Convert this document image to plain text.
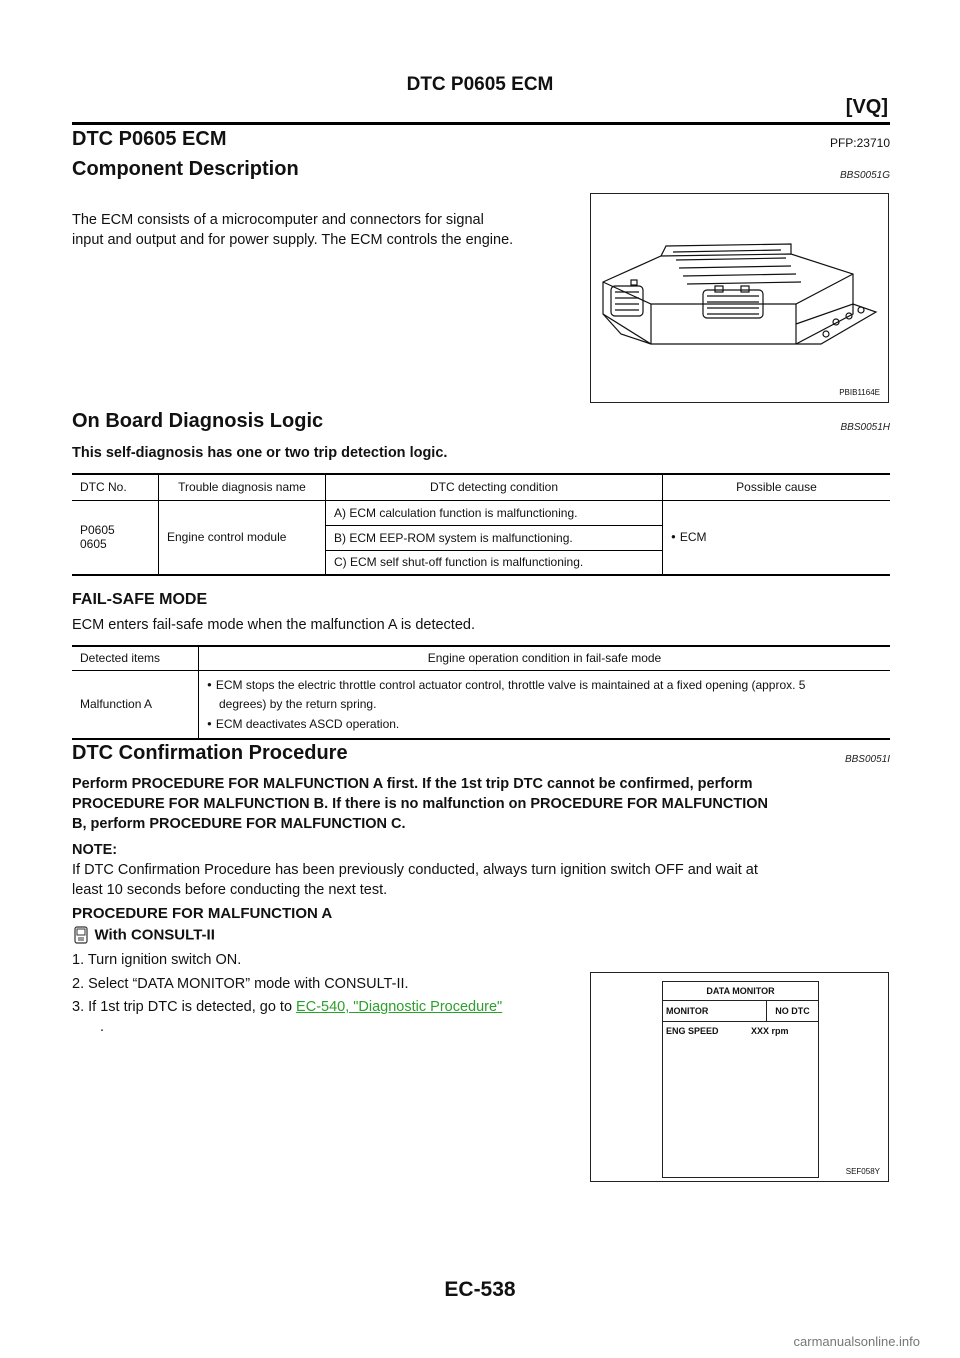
DTC P0605 ECM
[VQ]
DTC P0605 ECM	PFP:23710
Component Description	BBS0051G
The ECM consists of a microcomputer and connectors for signal
input and output and for power supply. The ECM controls the engine.
PBIB1164E
On Board Diagnosis Logic	BBS0051H
This self-diagnosis has one or two trip detection logic.
DTC No.	Trouble diagnosis name	DTC detecting condition	Possible cause

P0605
0605	Engine control module	A) ECM calculation function is malfunctioning.	● ECM
		B) ECM EEP-ROM system is malfunctioning.	
		C) ECM self shut-off function is malfunctioning.	
FAIL-SAFE MODE
ECM enters fail-safe mode when the malfunction A is detected.
Detected items	Engine operation condition in fail-safe mode
Malfunction A	● ECM stops the electric throttle control actuator control, throttle valve is maintained at a fixed opening (approx. 5
degrees) by the return spring.
● ECM deactivates ASCD operation.
DTC Confirmation Procedure	BBS0051I
Perform PROCEDURE FOR MALFUNCTION A first. If the 1st trip DTC cannot be confirmed, perform
PROCEDURE FOR MALFUNCTION B. If there is no malfunction on PROCEDURE FOR MALFUNCTION
B, perform PROCEDURE FOR MALFUNCTION C.
NOTE:
If DTC Confirmation Procedure has been previously conducted, always turn ignition switch OFF and wait at
least 10 seconds before conducting the next test.
PROCEDURE FOR MALFUNCTION A
With CONSULT-II
1. Turn ignition switch ON.
2. Select “DATA MONITOR” mode with CONSULT-II.
3. If 1st trip DTC is detected, go to EC-540, "Diagnostic Procedure"
.
DATA MONITOR
MONITOR	NO DTC
ENG SPEED	XXX rpm
SEF058Y
EC-538
carmanualsonline.info
